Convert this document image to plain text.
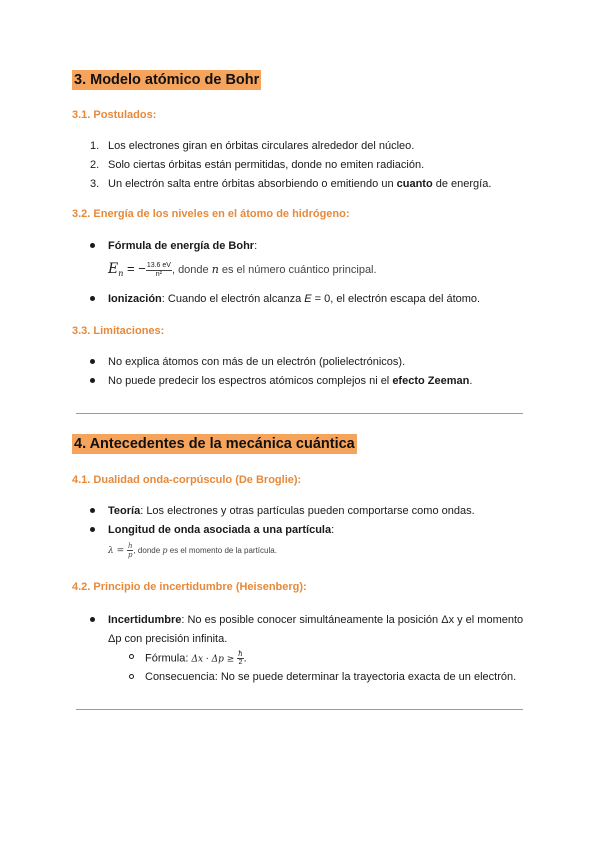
3. Modelo atómico de Bohr
3.1. Postulados:
1. Los electrones giran en órbitas circulares alrededor del núcleo.
2. Solo ciertas órbitas están permitidas, donde no emiten radiación.
3. Un electrón salta entre órbitas absorbiendo o emitiendo un cuanto de energía.
3.2. Energía de los niveles en el átomo de hidrógeno:
Fórmula de energía de Bohr:
$E_n$ = − $\frac{13.6 eV}{\text{n²}}$ , donde n es el número cuántico principal.
Ionización: Cuando el electrón alcanza E = 0, el electrón escapa del átomo.
3.3. Limitaciones:
No explica átomos con más de un electrón (polielectrónicos).
No puede predecir los espectros atómicos complejos ni el efecto Zeeman.
4. Antecedentes de la mecánica cuántica
4.1. Dualidad onda-corpúsculo (De Broglie):
Teoría: Los electrones y otras partículas pueden comportarse como ondas.
Longitud de onda asociada a una partícula:
$\lambda = \frac{h}{p}$ , donde p es el momento de la partícula.
4.2. Principio de incertidumbre (Heisenberg):
Incertidumbre: No es posible conocer simultáneamente la posición Δx y el momento
Δp con precisión infinita.
Fórmula: $\Delta x \cdot \Delta p \ge \frac{ħ}{2}$ .
Consecuencia: No se puede determinar la trayectoria exacta de un electrón.
